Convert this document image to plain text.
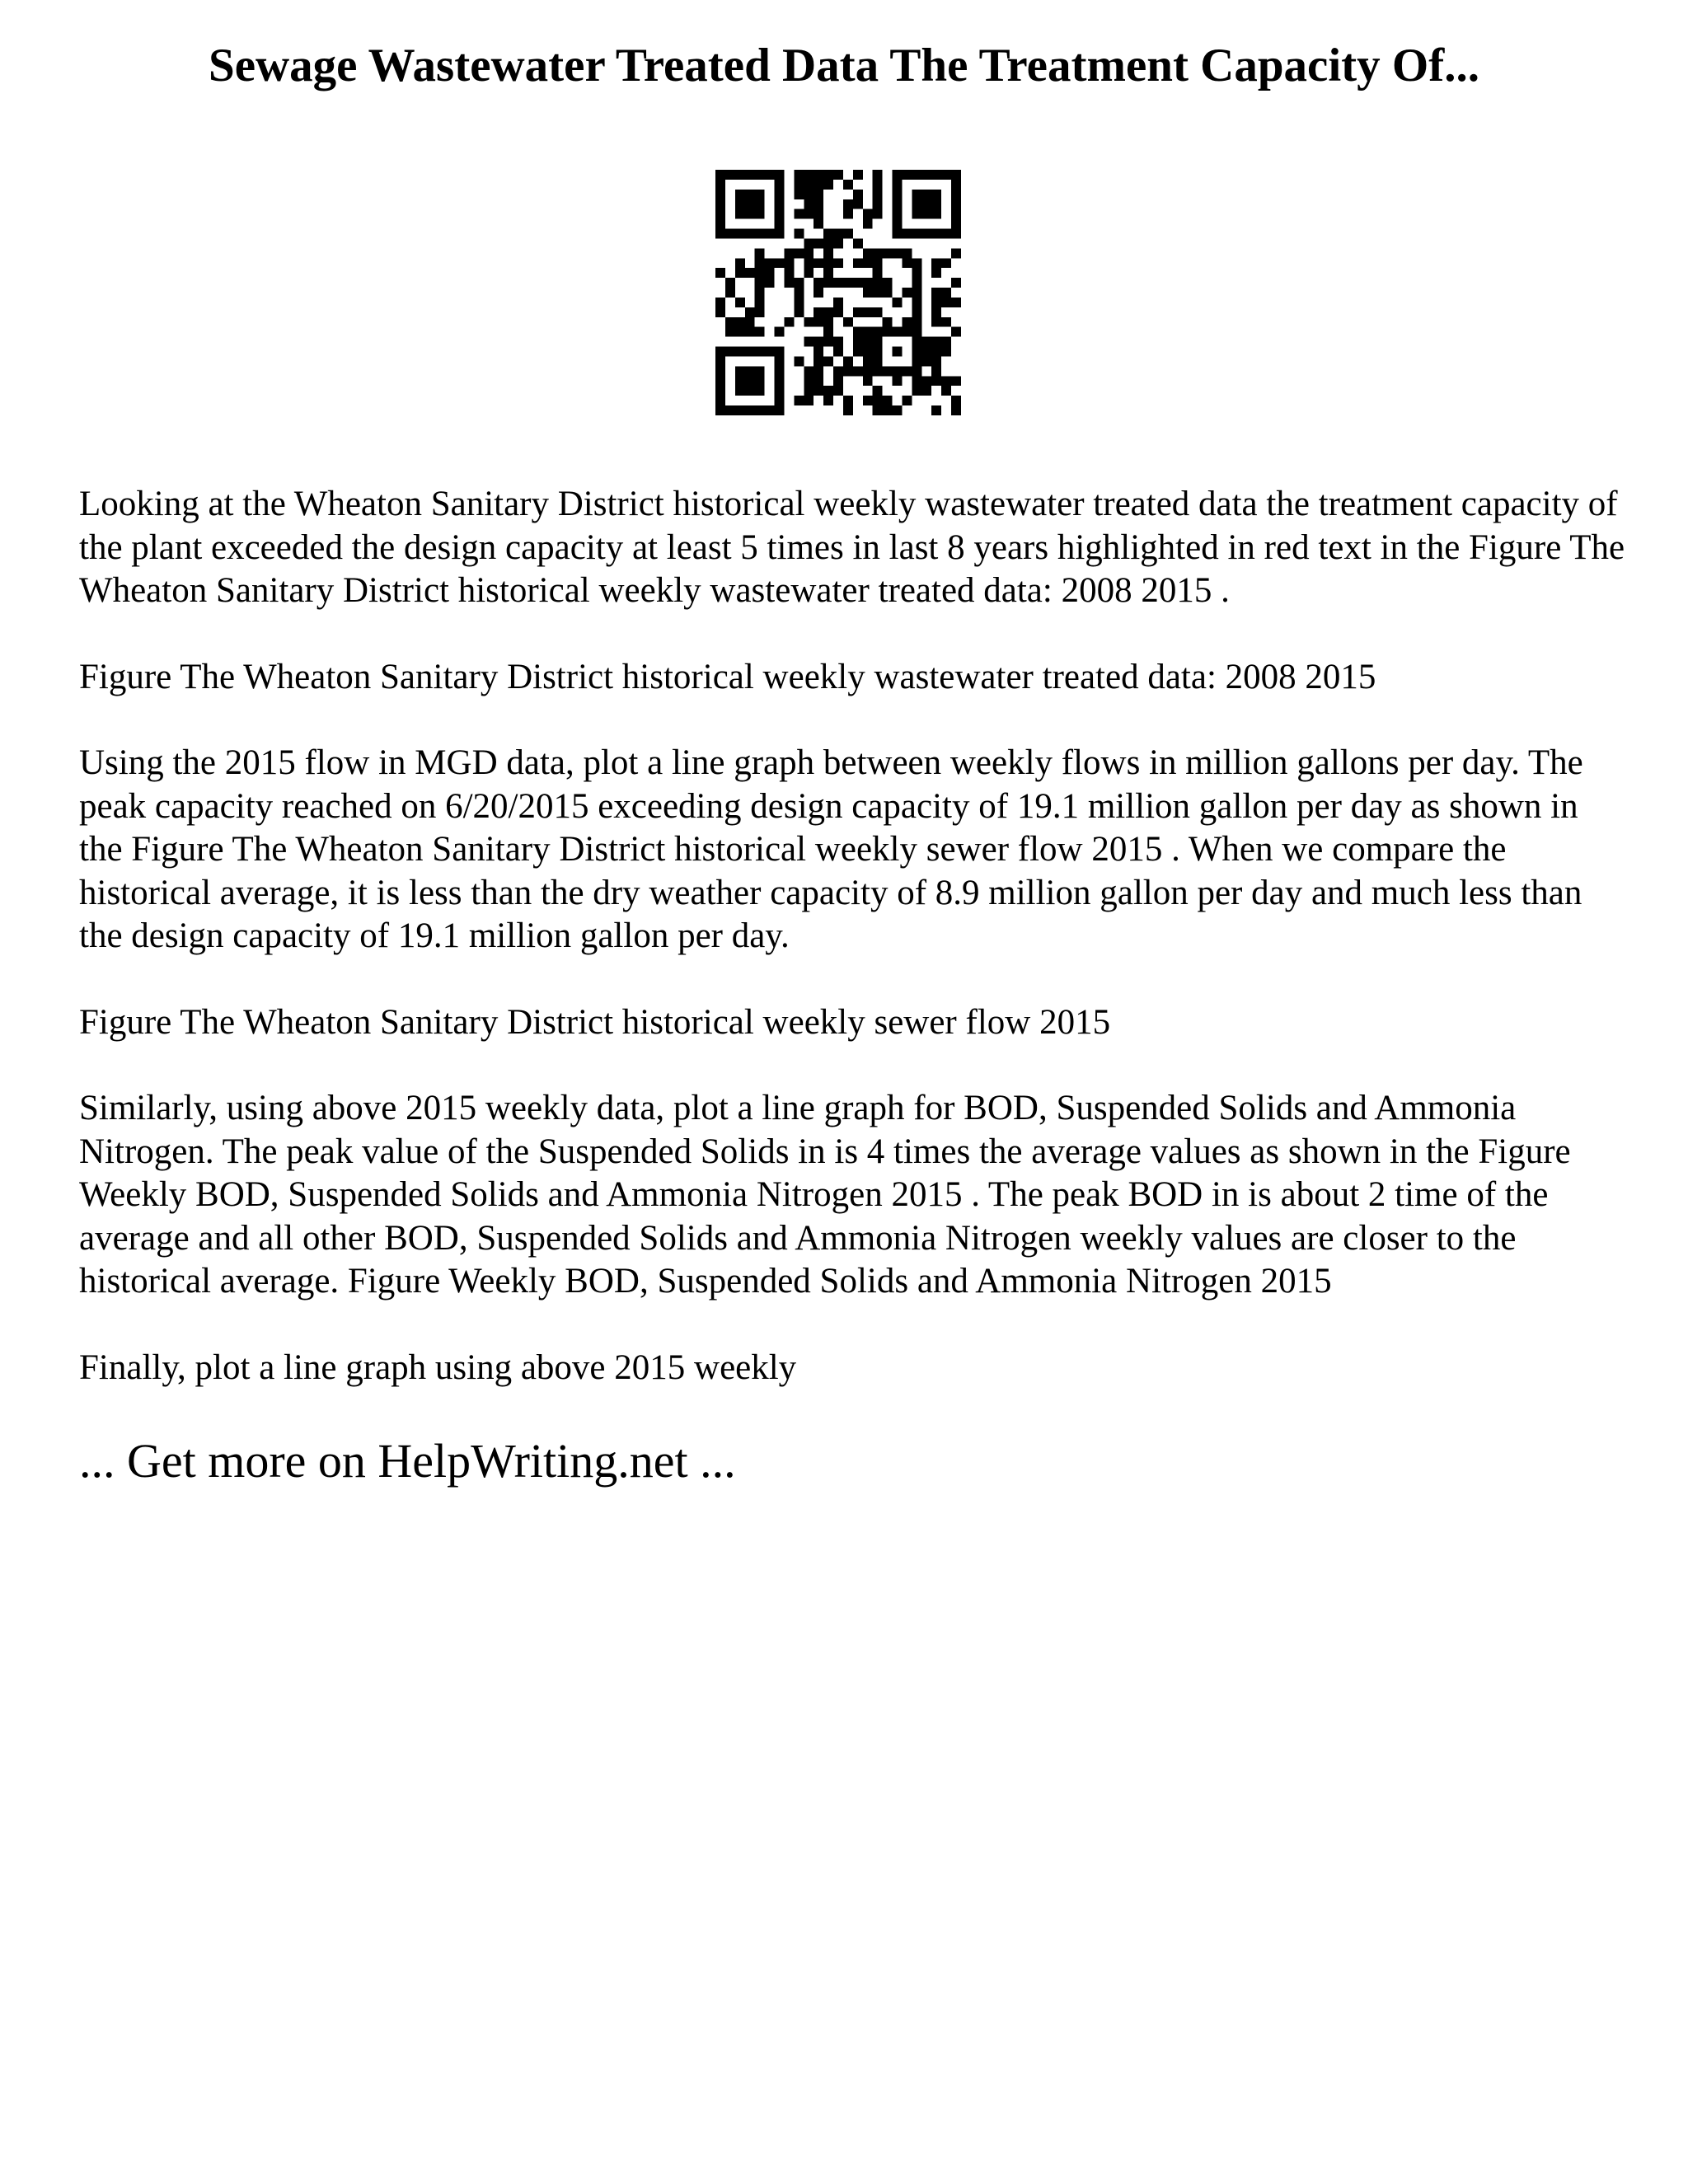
Sewage Wastewater Treated Data The Treatment Capacity Of...

Looking at the Wheaton Sanitary District historical weekly wastewater treated data the treatment capacity of the plant exceeded the design capacity at least 5 times in last 8 years highlighted in red text in the Figure The Wheaton Sanitary District historical weekly wastewater treated data: 2008 2015 .

Figure The Wheaton Sanitary District historical weekly wastewater treated data: 2008 2015

Using the 2015 flow in MGD data, plot a line graph between weekly flows in million gallons per day. The peak capacity reached on 6/20/2015 exceeding design capacity of 19.1 million gallon per day as shown in the Figure The Wheaton Sanitary District historical weekly sewer flow 2015 . When we compare the historical average, it is less than the dry weather capacity of 8.9 million gallon per day and much less than the design capacity of 19.1 million gallon per day.

Figure The Wheaton Sanitary District historical weekly sewer flow 2015

Similarly, using above 2015 weekly data, plot a line graph for BOD, Suspended Solids and Ammonia Nitrogen. The peak value of the Suspended Solids in is 4 times the average values as shown in the Figure Weekly BOD, Suspended Solids and Ammonia Nitrogen 2015 . The peak BOD in is about 2 time of the average and all other BOD, Suspended Solids and Ammonia Nitrogen weekly values are closer to the historical average. Figure Weekly BOD, Suspended Solids and Ammonia Nitrogen 2015

Finally, plot a line graph using above 2015 weekly

... Get more on HelpWriting.net ...
